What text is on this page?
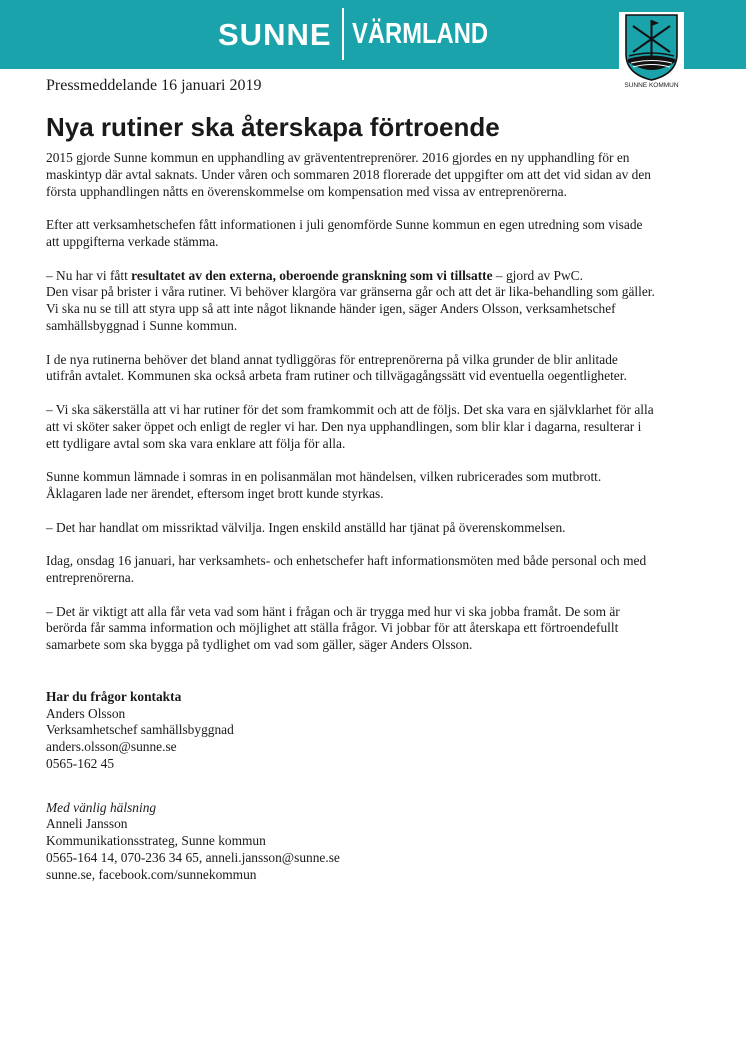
SUNNE VÄRMLAND
SUNNE KOMMUN
Pressmeddelande 16 januari 2019
Nya rutiner ska återskapa förtroende

2015 gjorde Sunne kommun en upphandling av grävententreprenörer. 2016 gjordes en ny upphandling för en maskintyp där avtal saknats. Under våren och sommaren 2018 florerade det uppgifter om att det vid sidan av den första upphandlingen nåtts en överenskommelse om kompensation med vissa av entreprenörerna.

Efter att verksamhetschefen fått informationen i juli genomförde Sunne kommun en egen utredning som visade att uppgifterna verkade stämma.

– Nu har vi fått resultatet av den externa, oberoende granskning som vi tillsatte – gjord av PwC.
Den visar på brister i våra rutiner. Vi behöver klargöra var gränserna går och att det är lika-behandling som gäller. Vi ska nu se till att styra upp så att inte något liknande händer igen, säger Anders Olsson, verksamhetschef samhällsbyggnad i Sunne kommun.

I de nya rutinerna behöver det bland annat tydliggöras för entreprenörerna på vilka grunder de blir anlitade utifrån avtalet. Kommunen ska också arbeta fram rutiner och tillvägagångssätt vid eventuella oegentligheter.

– Vi ska säkerställa att vi har rutiner för det som framkommit och att de följs. Det ska vara en självklarhet för alla att vi sköter saker öppet och enligt de regler vi har. Den nya upphandlingen, som blir klar i dagarna, resulterar i ett tydligare avtal som ska vara enklare att följa för alla.

Sunne kommun lämnade i somras in en polisanmälan mot händelsen, vilken rubricerades som mutbrott. Åklagaren lade ner ärendet, eftersom inget brott kunde styrkas.

– Det har handlat om missriktad välvilja. Ingen enskild anställd har tjänat på överenskommelsen.

Idag, onsdag 16 januari, har verksamhets- och enhetschefer haft informationsmöten med både personal och med entreprenörerna.

– Det är viktigt att alla får veta vad som hänt i frågan och är trygga med hur vi ska jobba framåt. De som är berörda får samma information och möjlighet att ställa frågor. Vi jobbar för att återskapa ett förtroendefullt samarbete som ska bygga på tydlighet om vad som gäller, säger Anders Olsson.

Har du frågor kontakta
Anders Olsson
Verksamhetschef samhällsbyggnad
anders.olsson@sunne.se
0565-162 45
Med vänlig hälsning
Anneli Jansson
Kommunikationsstrateg, Sunne kommun
0565-164 14, 070-236 34 65, anneli.jansson@sunne.se
sunne.se, facebook.com/sunnekommun
